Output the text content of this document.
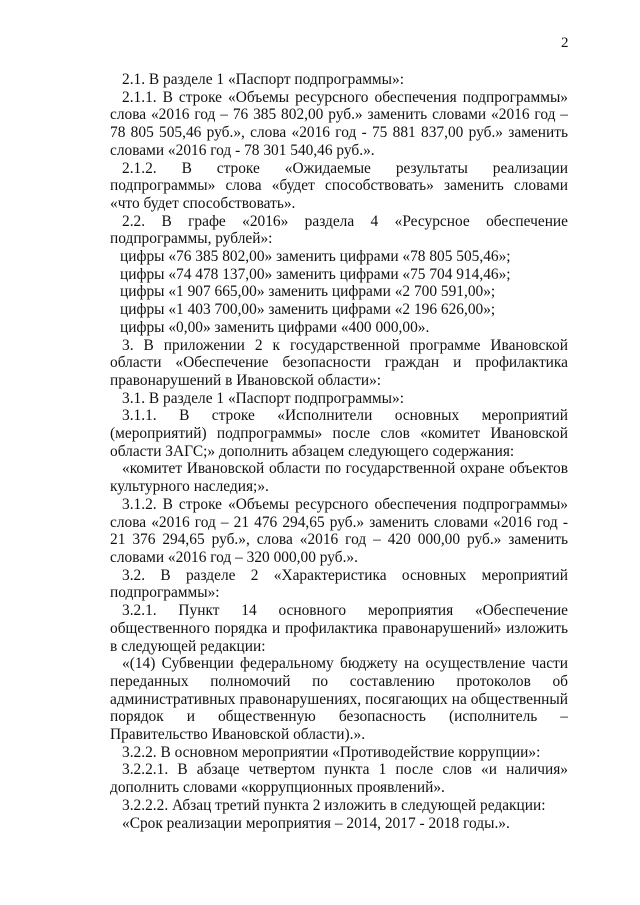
2

2.1. В разделе 1 «Паспорт подпрограммы»:

2.1.1. В строке «Объемы ресурсного обеспечения подпрограммы» слова «2016 год – 76 385 802,00 руб.» заменить словами «2016 год – 78 805 505,46 руб.», слова «2016 год - 75 881 837,00 руб.» заменить словами «2016 год - 78 301 540,46 руб.».

2.1.2. В строке «Ожидаемые результаты реализации подпрограммы» слова «будет способствовать» заменить словами «что будет способствовать».

2.2. В графе «2016» раздела 4 «Ресурсное обеспечение подпрограммы, рублей»:

цифры «76 385 802,00» заменить цифрами «78 805 505,46»;

цифры «74 478 137,00» заменить цифрами «75 704 914,46»;

цифры «1 907 665,00» заменить цифрами «2 700 591,00»;

цифры «1 403 700,00» заменить цифрами «2 196 626,00»;

цифры «0,00» заменить цифрами «400 000,00».

3. В приложении 2 к государственной программе Ивановской области «Обеспечение безопасности граждан и профилактика правонарушений в Ивановской области»:

3.1. В разделе 1 «Паспорт подпрограммы»:

3.1.1. В строке «Исполнители основных мероприятий (мероприятий) подпрограммы» после слов «комитет Ивановской области ЗАГС;» дополнить абзацем следующего содержания:

«комитет Ивановской области по государственной охране объектов культурного наследия;».

3.1.2. В строке «Объемы ресурсного обеспечения подпрограммы» слова «2016 год – 21 476 294,65 руб.» заменить словами «2016 год - 21 376 294,65 руб.», слова «2016 год – 420 000,00 руб.» заменить словами «2016 год – 320 000,00 руб.».

3.2. В разделе 2 «Характеристика основных мероприятий подпрограммы»:

3.2.1. Пункт 14 основного мероприятия «Обеспечение общественного порядка и профилактика правонарушений» изложить в следующей редакции:

«(14) Субвенции федеральному бюджету на осуществление части переданных полномочий по составлению протоколов об административных правонарушениях, посягающих на общественный порядок и общественную безопасность (исполнитель – Правительство Ивановской области).».

3.2.2. В основном мероприятии «Противодействие коррупции»:

3.2.2.1. В абзаце четвертом пункта 1 после слов «и наличия» дополнить словами «коррупционных проявлений».

3.2.2.2. Абзац третий пункта 2 изложить в следующей редакции:

«Срок реализации мероприятия – 2014, 2017 - 2018 годы.».
